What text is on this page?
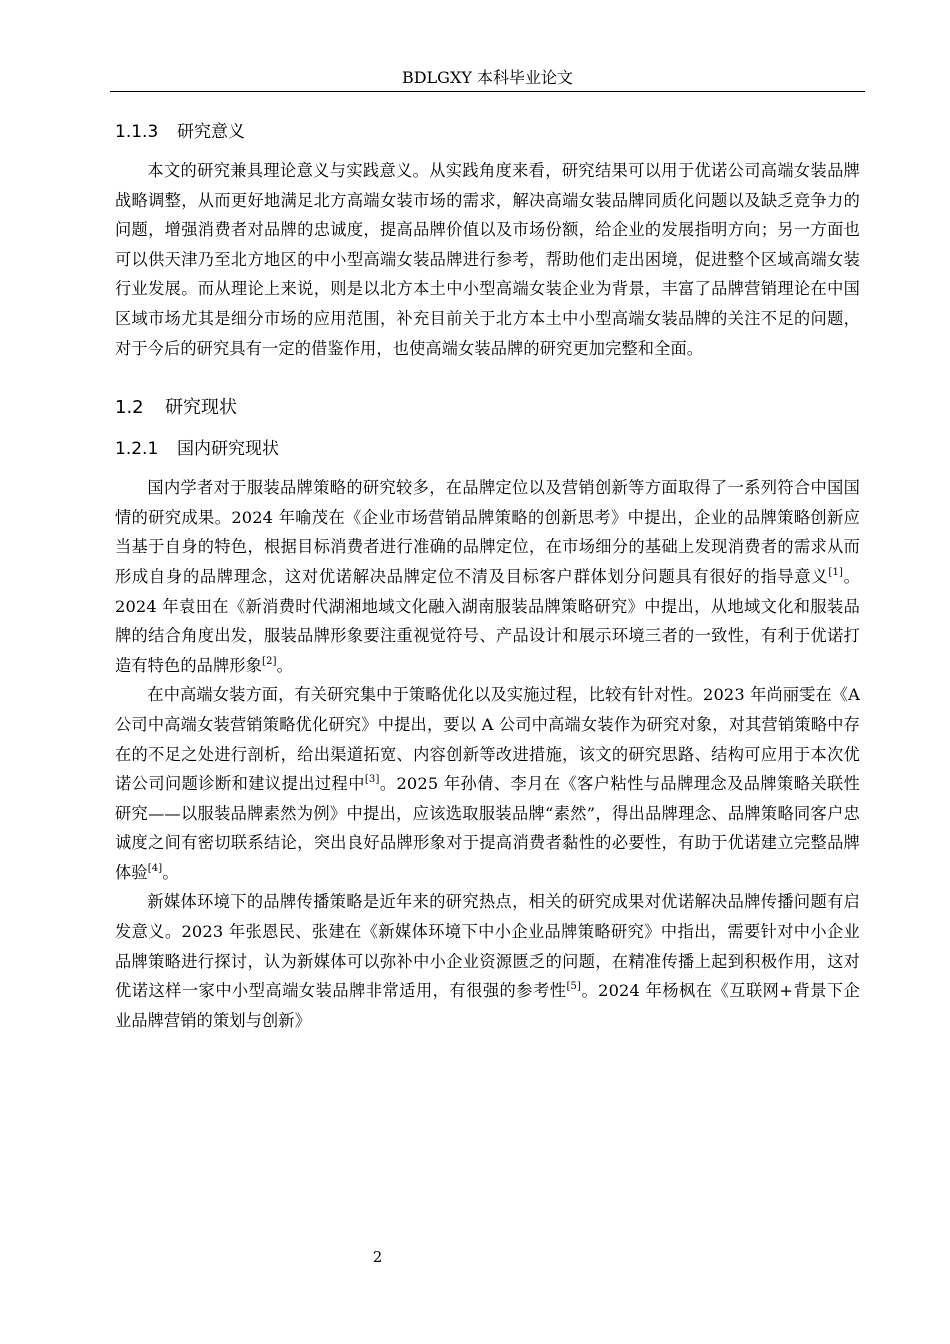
BDLGXY 本科毕业论文
1.1.3 研究意义

本文的研究兼具理论意义与实践意义。从实践角度来看，研究结果可以用于优诺公司高端女装品牌战略调整，从而更好地满足北方高端女装市场的需求，解决高端女装品牌同质化问题以及缺乏竞争力的问题，增强消费者对品牌的忠诚度，提高品牌价值以及市场份额，给企业的发展指明方向；另一方面也可以供天津乃至北方地区的中小型高端女装品牌进行参考，帮助他们走出困境，促进整个区域高端女装行业发展。而从理论上来说，则是以北方本土中小型高端女装企业为背景，丰富了品牌营销理论在中国区域市场尤其是细分市场的应用范围，补充目前关于北方本土中小型高端女装品牌的关注不足的问题，对于今后的研究具有一定的借鉴作用，也使高端女装品牌的研究更加完整和全面。

1.2 研究现状
1.2.1 国内研究现状

国内学者对于服装品牌策略的研究较多，在品牌定位以及营销创新等方面取得了一系列符合中国国情的研究成果。2024 年喻茂在《企业市场营销品牌策略的创新思考》中提出，企业的品牌策略创新应当基于自身的特色，根据目标消费者进行准确的品牌定位，在市场细分的基础上发现消费者的需求从而形成自身的品牌理念，这对优诺解决品牌定位不清及目标客户群体划分问题具有很好的指导意义[1]。2024 年袁田在《新消费时代湖湘地域文化融入湖南服装品牌策略研究》中提出，从地域文化和服装品牌的结合角度出发，服装品牌形象要注重视觉符号、产品设计和展示环境三者的一致性，有利于优诺打造有特色的品牌形象[2]。

在中高端女装方面，有关研究集中于策略优化以及实施过程，比较有针对性。2023 年尚丽雯在《A 公司中高端女装营销策略优化研究》中提出，要以 A 公司中高端女装作为研究对象，对其营销策略中存在的不足之处进行剖析，给出渠道拓宽、内容创新等改进措施，该文的研究思路、结构可应用于本次优诺公司问题诊断和建议提出过程中[3]。2025 年孙倩、李月在《客户粘性与品牌理念及品牌策略关联性研究——以服装品牌素然为例》中提出，应该选取服装品牌“素然”，得出品牌理念、品牌策略同客户忠诚度之间有密切联系结论，突出良好品牌形象对于提高消费者黏性的必要性，有助于优诺建立完整品牌体验[4]。

新媒体环境下的品牌传播策略是近年来的研究热点，相关的研究成果对优诺解决品牌传播问题有启发意义。2023 年张恩民、张建在《新媒体环境下中小企业品牌策略研究》中指出，需要针对中小企业品牌策略进行探讨，认为新媒体可以弥补中小企业资源匮乏的问题，在精准传播上起到积极作用，这对优诺这样一家中小型高端女装品牌非常适用，有很强的参考性[5]。2024 年杨枫在《互联网+背景下企业品牌营销的策划与创新》

2
